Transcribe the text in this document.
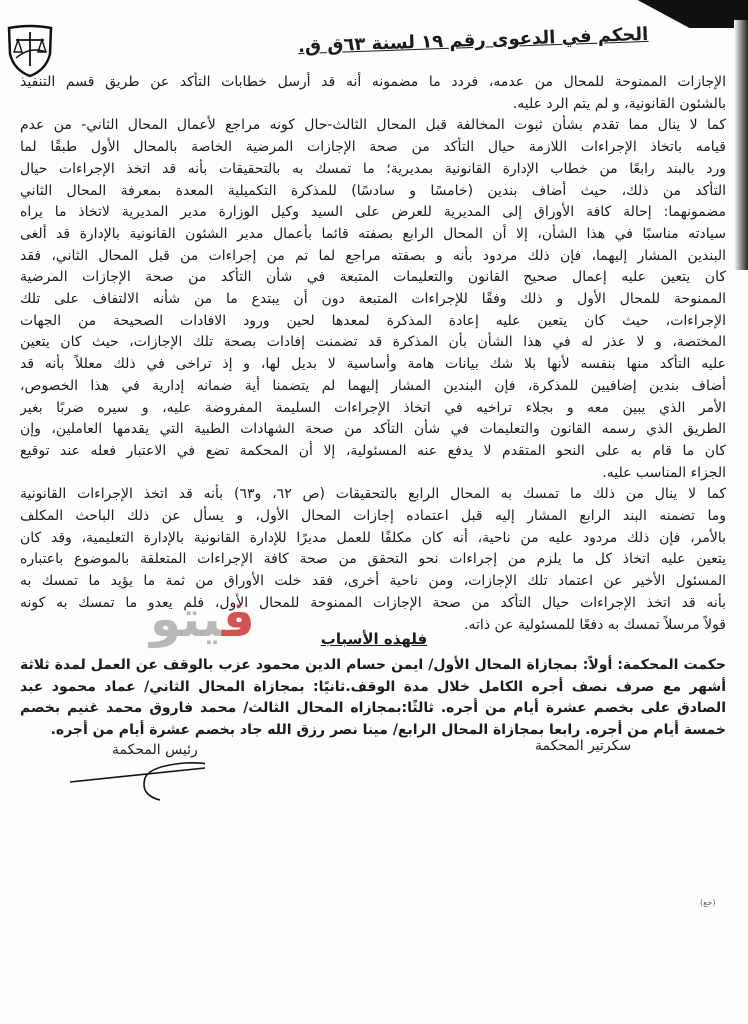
الحكم في الدعوى رقم ١٩ لسنة ٦٣ق ق.
الإجازات الممنوحة للمحال من عدمه، فردد ما مضمونه أنه قد أرسل خطابات التأكد عن طريق قسم التنفيذ
بالشئون القانونية، و لم يتم الرد عليه.
كما لا ينال مما تقدم بشأن ثبوت المخالفة قبل المحال الثالث-حال كونه مراجع لأعمال المحال الثاني- من عدم
قيامه باتخاذ الإجراءات اللازمة حيال التأكد من صحة الإجازات المرضية الخاصة بالمحال الأول طبقًا لما
ورد بالبند رابعًا من خطاب الإدارة القانونية بمديرية؛ ما تمسك به بالتحقيقات بأنه قد اتخذ الإجراءات حيال
التأكد من ذلك، حيث أضاف بندين (خامسًا و سادسًا) للمذكرة التكميلية المعدة بمعرفة المحال الثاني
مضمونهما: إحالة كافة الأوراق إلى المديرية للعرض على السيد وكيل الوزارة مدير المديرية لاتخاذ ما يراه
سيادته مناسبًا في هذا الشأن، إلا أن المحال الرابع بصفته قائما بأعمال مدير الشئون القانونية بالإدارة قد ألغى
البندين المشار إليهما، فإن ذلك مردود بأنه و بصفته مراجع لما تم من إجراءات من قبل المحال الثاني، فقد
كان يتعين عليه إعمال صحيح القانون والتعليمات المتبعة في شأن التأكد من صحة الإجازات المرضية
الممنوحة للمحال الأول و ذلك وفقًا للإجراءات المتبعة دون أن يبتدع ما من شأنه الالتفاف على تلك
الإجراءات، حيث كان يتعين عليه إعادة المذكرة لمعدها لحين ورود الافادات الصحيحة من الجهات
المختصة، و لا عذر له في هذا الشأن بأن المذكرة قد تضمنت إفادات بصحة تلك الإجازات، حيث كان يتعين
عليه التأكد منها بنفسه لأنها بلا شك بيانات هامة وأساسية لا بديل لها، و إذ تراخى في ذلك معللاً بأنه قد
أضاف بندين إضافيين للمذكرة، فإن البندين المشار إليهما لم يتضمنا أية ضمانه إدارية في هذا الخصوص،
الأمر الذي يبين معه و بجلاء تراخيه في اتخاذ الإجراءات السليمة المفروضة عليه، و سيره ضربًا بغير
الطريق الذي رسمه القانون والتعليمات في شأن التأكد من صحة الشهادات الطبية التي يقدمها العاملين، وإن
كان ما قام به على النحو المتقدم لا يدفع عنه المسئولية، إلا أن المحكمة تضع في الاعتبار فعله عند توقيع
الجزاء المناسب عليه.
كما لا ينال من ذلك ما تمسك به المحال الرابع بالتحقيقات (ص ٦٢، و٦٣) بأنه قد اتخذ الإجراءات القانونية
وما تضمنه البند الرابع المشار إليه قبل اعتماده إجازات المحال الأول، و يسأل عن ذلك الباحث المكلف
بالأمر، فإن ذلك مردود عليه من ناحية، أنه كان مكلفًا للعمل مديرًا للإدارة القانونية بالإدارة التعليمية، وقد كان
يتعين عليه اتخاذ كل ما يلزم من إجراءات نحو التحقق من صحة كافة الإجراءات المتعلقة بالموضوع باعتباره
المسئول الأخير عن اعتماد تلك الإجازات، ومن ناحية أخرى، فقد خلت الأوراق من ثمة ما يؤيد ما تمسك به
بأنه قد اتخذ الإجراءات حيال التأكد من صحة الإجازات الممنوحة للمحال الأول، فلم يعدو ما تمسك به كونه
قولاً مرسلاً تمسك به دفعًا للمسئولية عن ذاته.
فيتو	فلهذه الأسباب
حكمت المحكمة: أولاً: بمجازاة المحال الأول/ ايمن حسام الدين محمود عزب بالوقف عن العمل لمدة ثلاثة
أشهر مع صرف نصف أجره الكامل خلال مدة الوقف.ثانيًا: بمجازاة المحال الثاني/ عماد محمود عبد
الصادق على بخصم عشرة أيام من أجره. ثالثًا:بمجازاه المحال الثالث/ محمد فاروق محمد غنيم بخصم
خمسة أيام من أجره. رابعا بمجازاة المحال الرابع/ مينا نصر رزق الله جاد بخصم عشرة أيام من أجره.
سكرتير المحكمة
رئيس المحكمة
(جع)
